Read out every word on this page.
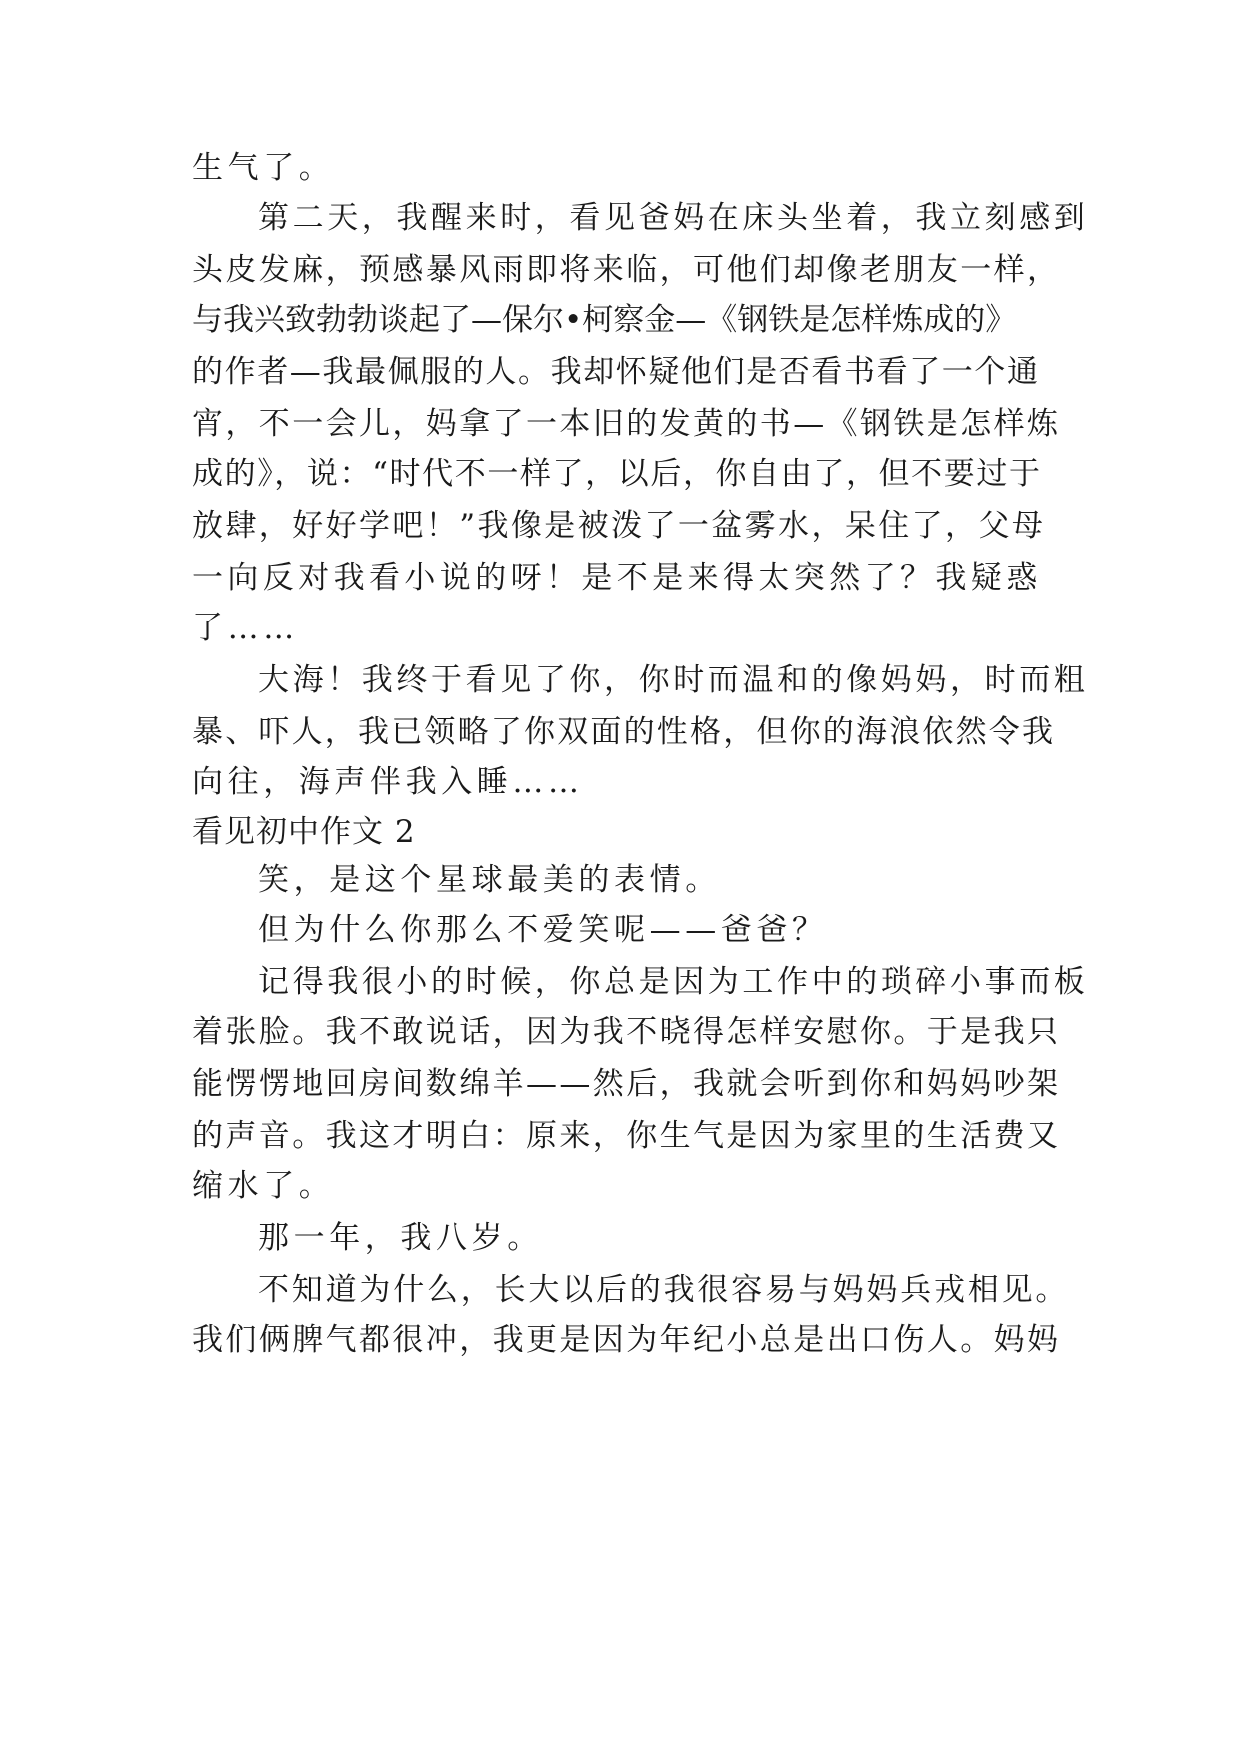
生气了。
第二天，我醒来时，看见爸妈在床头坐着，我立刻感到
头皮发麻，预感暴风雨即将来临，可他们却像老朋友一样，
与我兴致勃勃谈起了—保尔•柯察金—《钢铁是怎样炼成的》
的作者—我最佩服的人。我却怀疑他们是否看书看了一个通
宵，不一会儿，妈拿了一本旧的发黄的书—《钢铁是怎样炼
成的》，说：“时代不一样了，以后，你自由了，但不要过于
放肆，好好学吧！”我像是被泼了一盆雾水，呆住了，父母
一向反对我看小说的呀！是不是来得太突然了？我疑惑
了……
大海！我终于看见了你，你时而温和的像妈妈，时而粗
暴、吓人，我已领略了你双面的性格，但你的海浪依然令我
向往，海声伴我入睡……
看见初中作文 2
笑，是这个星球最美的表情。
但为什么你那么不爱笑呢——爸爸？
记得我很小的时候，你总是因为工作中的琐碎小事而板
着张脸。我不敢说话，因为我不晓得怎样安慰你。于是我只
能愣愣地回房间数绵羊——然后，我就会听到你和妈妈吵架
的声音。我这才明白：原来，你生气是因为家里的生活费又
缩水了。
那一年，我八岁。
不知道为什么，长大以后的我很容易与妈妈兵戎相见。
我们俩脾气都很冲，我更是因为年纪小总是出口伤人。妈妈
